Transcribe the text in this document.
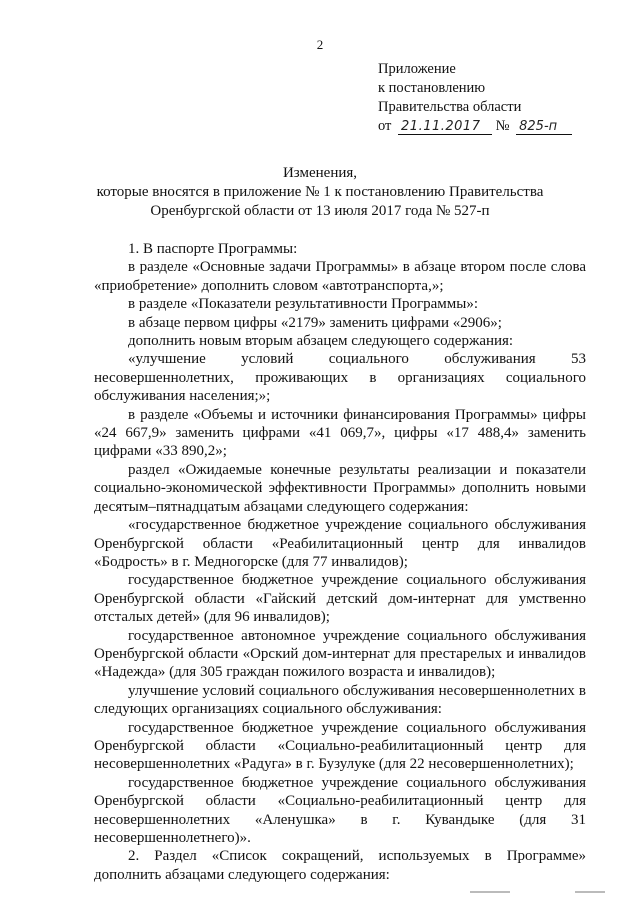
2
Приложение
к постановлению
Правительства области
от 21.11.2017 № 825-п
Изменения,
которые вносятся в приложение № 1 к постановлению Правительства
Оренбургской области от 13 июля 2017 года № 527-п

1. В паспорте Программы:

в разделе «Основные задачи Программы» в абзаце втором после слова «приобретение» дополнить словом «автотранспорта,»;

в разделе «Показатели результативности Программы»:

в абзаце первом цифры «2179» заменить цифрами «2906»;

дополнить новым вторым абзацем следующего содержания:

«улучшение условий социального обслуживания 53 несовершеннолетних, проживающих в организациях социального обслуживания населения;»;

в разделе «Объемы и источники финансирования Программы» цифры «24 667,9» заменить цифрами «41 069,7», цифры «17 488,4» заменить цифрами «33 890,2»;

раздел «Ожидаемые конечные результаты реализации и показатели социально-экономической эффективности Программы» дополнить новыми десятым–пятнадцатым абзацами следующего содержания:

«государственное бюджетное учреждение социального обслуживания Оренбургской области «Реабилитационный центр для инвалидов «Бодрость» в г. Медногорске (для 77 инвалидов);

государственное бюджетное учреждение социального обслуживания Оренбургской области «Гайский детский дом-интернат для умственно отсталых детей» (для 96 инвалидов);

государственное автономное учреждение социального обслуживания Оренбургской области «Орский дом-интернат для престарелых и инвалидов «Надежда» (для 305 граждан пожилого возраста и инвалидов);

улучшение условий социального обслуживания несовершеннолетних в следующих организациях социального обслуживания:

государственное бюджетное учреждение социального обслуживания Оренбургской области «Социально-реабилитационный центр для несовершеннолетних «Радуга» в г. Бузулуке (для 22 несовершеннолетних);

государственное бюджетное учреждение социального обслуживания Оренбургской области «Социально-реабилитационный центр для несовершеннолетних «Аленушка» в г. Кувандыке (для 31 несовершеннолетнего)».

2. Раздел «Список сокращений, используемых в Программе» дополнить абзацами следующего содержания:
